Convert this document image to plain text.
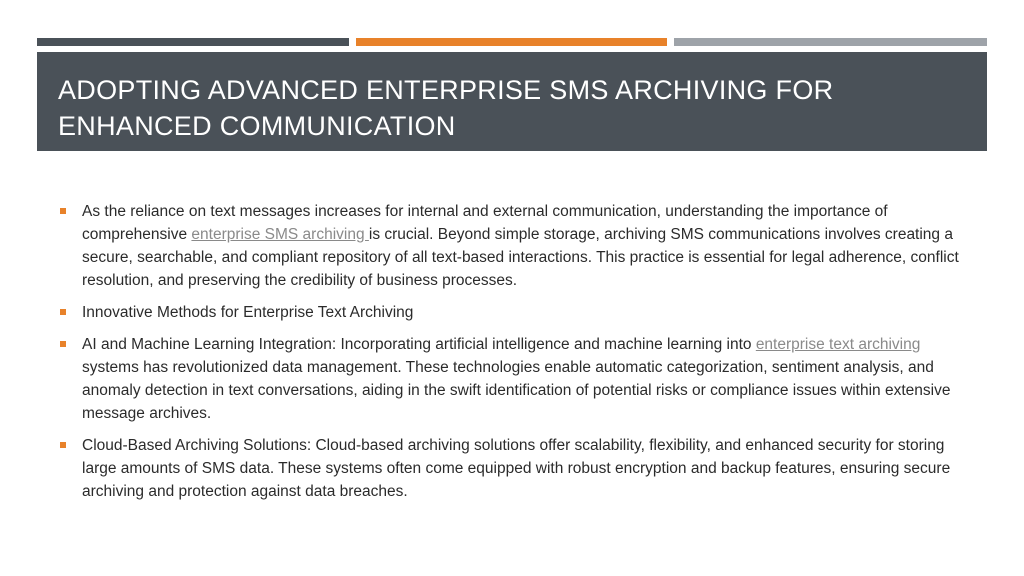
ADOPTING ADVANCED ENTERPRISE SMS ARCHIVING FOR ENHANCED COMMUNICATION
As the reliance on text messages increases for internal and external communication, understanding the importance of comprehensive enterprise SMS archiving is crucial. Beyond simple storage, archiving SMS communications involves creating a secure, searchable, and compliant repository of all text-based interactions. This practice is essential for legal adherence, conflict resolution, and preserving the credibility of business processes.
Innovative Methods for Enterprise Text Archiving
AI and Machine Learning Integration: Incorporating artificial intelligence and machine learning into enterprise text archiving systems has revolutionized data management. These technologies enable automatic categorization, sentiment analysis, and anomaly detection in text conversations, aiding in the swift identification of potential risks or compliance issues within extensive message archives.
Cloud-Based Archiving Solutions: Cloud-based archiving solutions offer scalability, flexibility, and enhanced security for storing large amounts of SMS data. These systems often come equipped with robust encryption and backup features, ensuring secure archiving and protection against data breaches.
